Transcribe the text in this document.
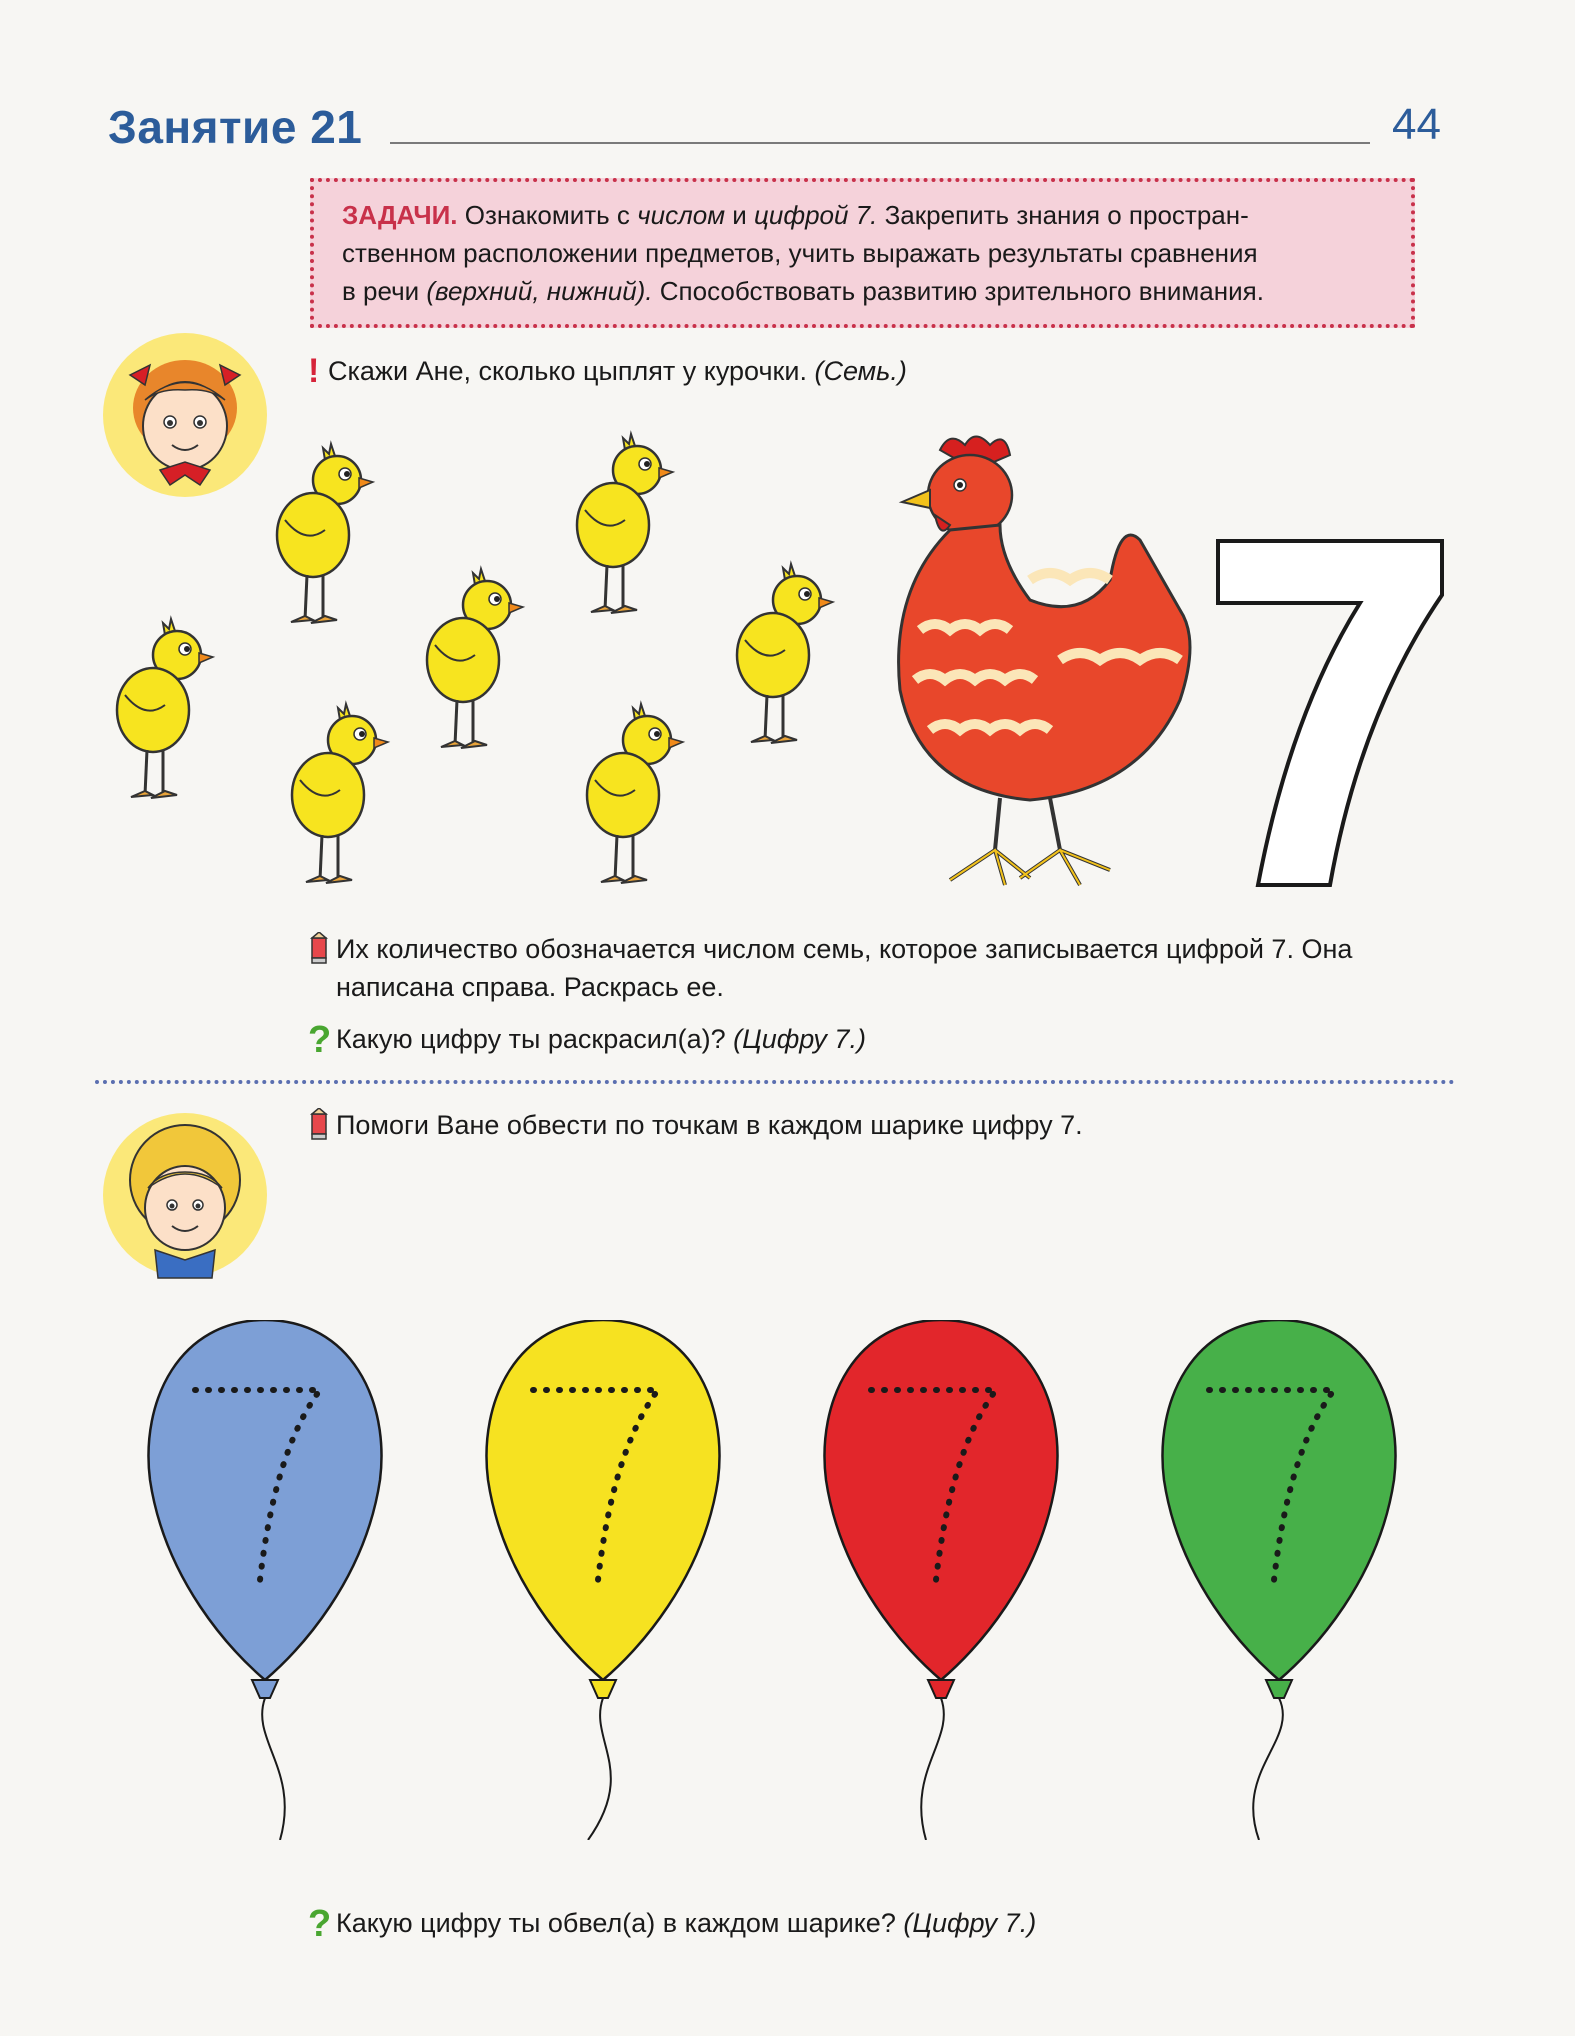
Занятие 21	44
ЗАДАЧИ. Ознакомить с числом и цифрой 7. Закрепить знания о простран-
ственном расположении предметов, учить выражать результаты сравнения
в речи (верхний, нижний). Способствовать развитию зрительного внимания.
! Скажи Ане, сколько цыплят у курочки. (Семь.)
Их количество обозначается числом семь, которое записывается цифрой 7. Она
написана справа. Раскрась ее.
? Какую цифру ты раскрасил(а)? (Цифру 7.)
Помоги Ване обвести по точкам в каждом шарике цифру 7.
? Какую цифру ты обвел(а) в каждом шарике? (Цифру 7.)
